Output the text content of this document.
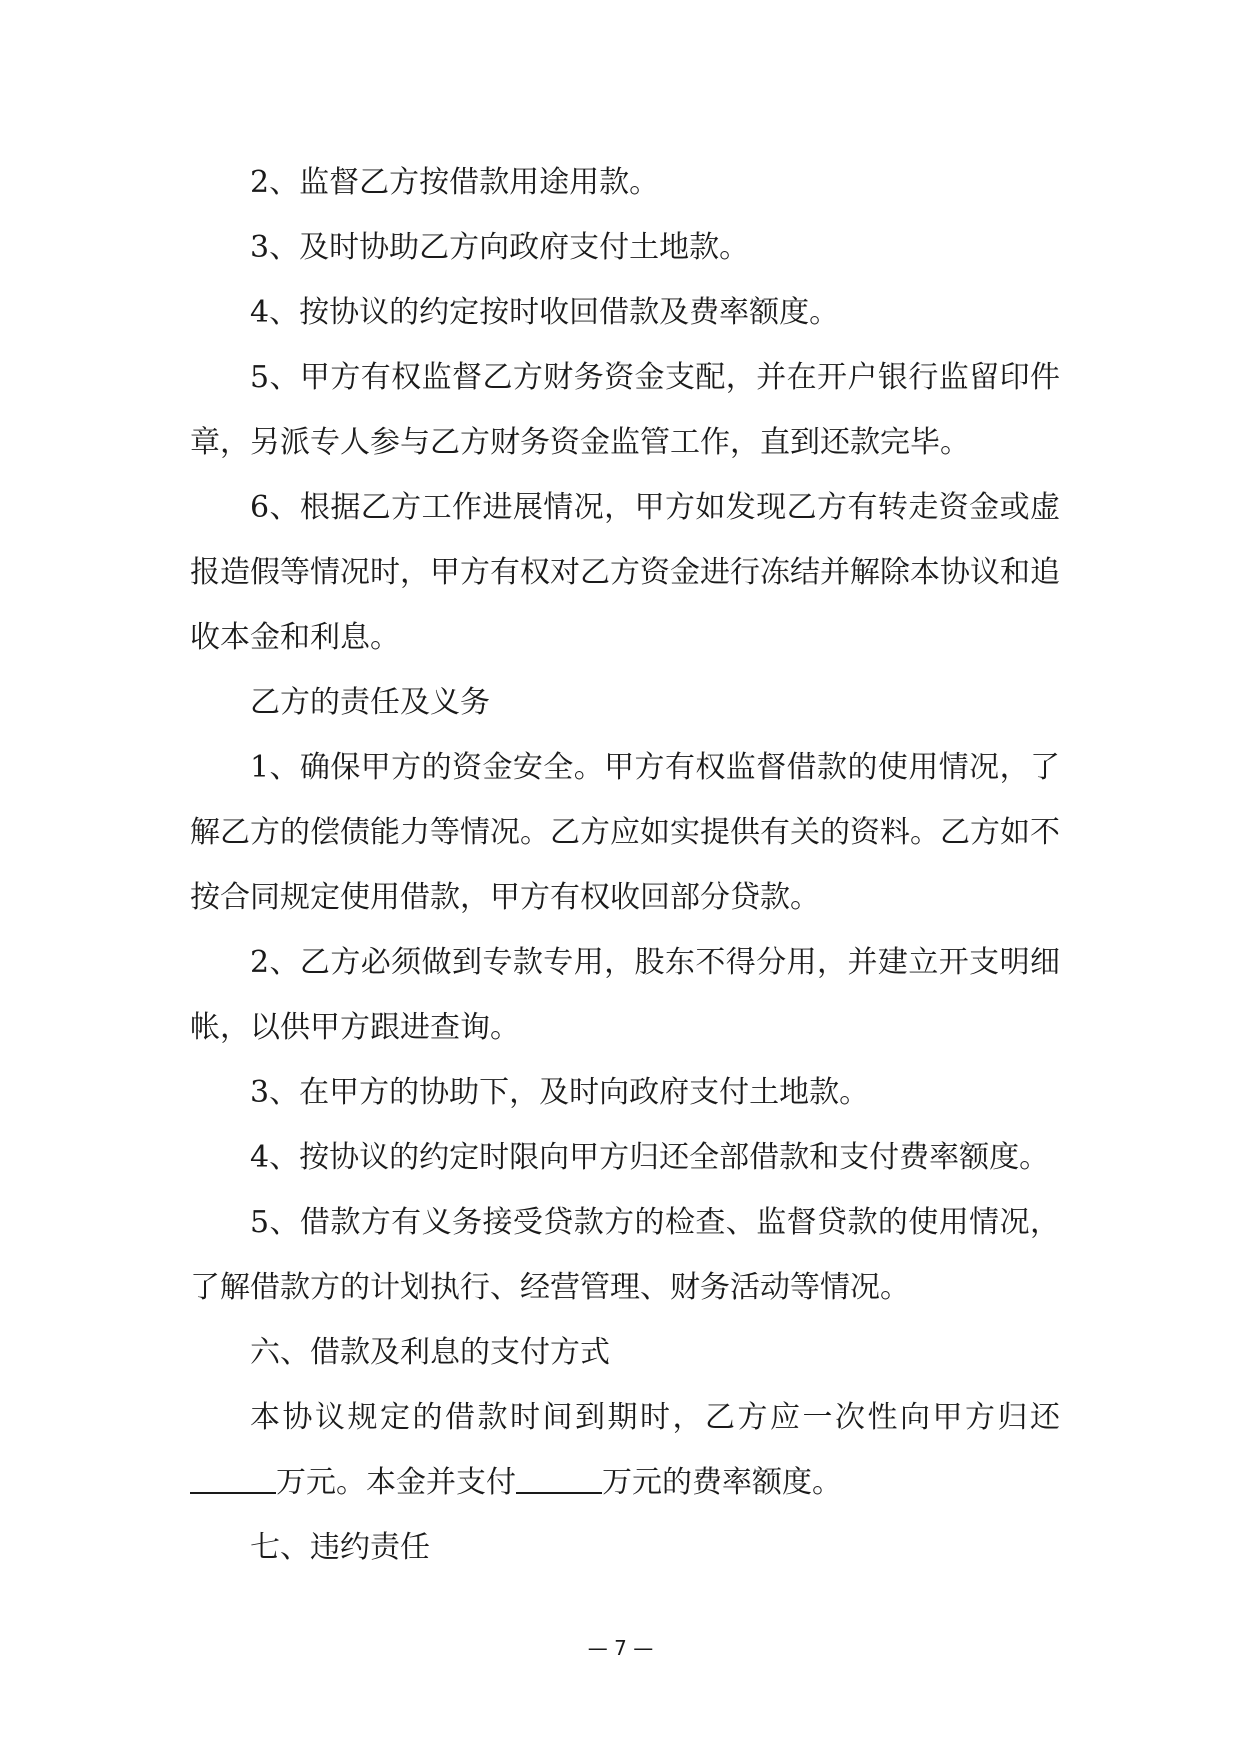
2、监督乙方按借款用途用款。

3、及时协助乙方向政府支付土地款。

4、按协议的约定按时收回借款及费率额度。

5、甲方有权监督乙方财务资金支配，并在开户银行监留印件章，另派专人参与乙方财务资金监管工作，直到还款完毕。

6、根据乙方工作进展情况，甲方如发现乙方有转走资金或虚报造假等情况时，甲方有权对乙方资金进行冻结并解除本协议和追收本金和利息。

乙方的责任及义务

1、确保甲方的资金安全。甲方有权监督借款的使用情况，了解乙方的偿债能力等情况。乙方应如实提供有关的资料。乙方如不按合同规定使用借款，甲方有权收回部分贷款。

2、乙方必须做到专款专用，股东不得分用，并建立开支明细帐，以供甲方跟进查询。

3、在甲方的协助下，及时向政府支付土地款。

4、按协议的约定时限向甲方归还全部借款和支付费率额度。

5、借款方有义务接受贷款方的检查、监督贷款的使用情况，了解借款方的计划执行、经营管理、财务活动等情况。

六、借款及利息的支付方式

本协议规定的借款时间到期时，乙方应一次性向甲方归还万元。本金并支付	万元的费率额度。

七、违约责任

— 7 —
